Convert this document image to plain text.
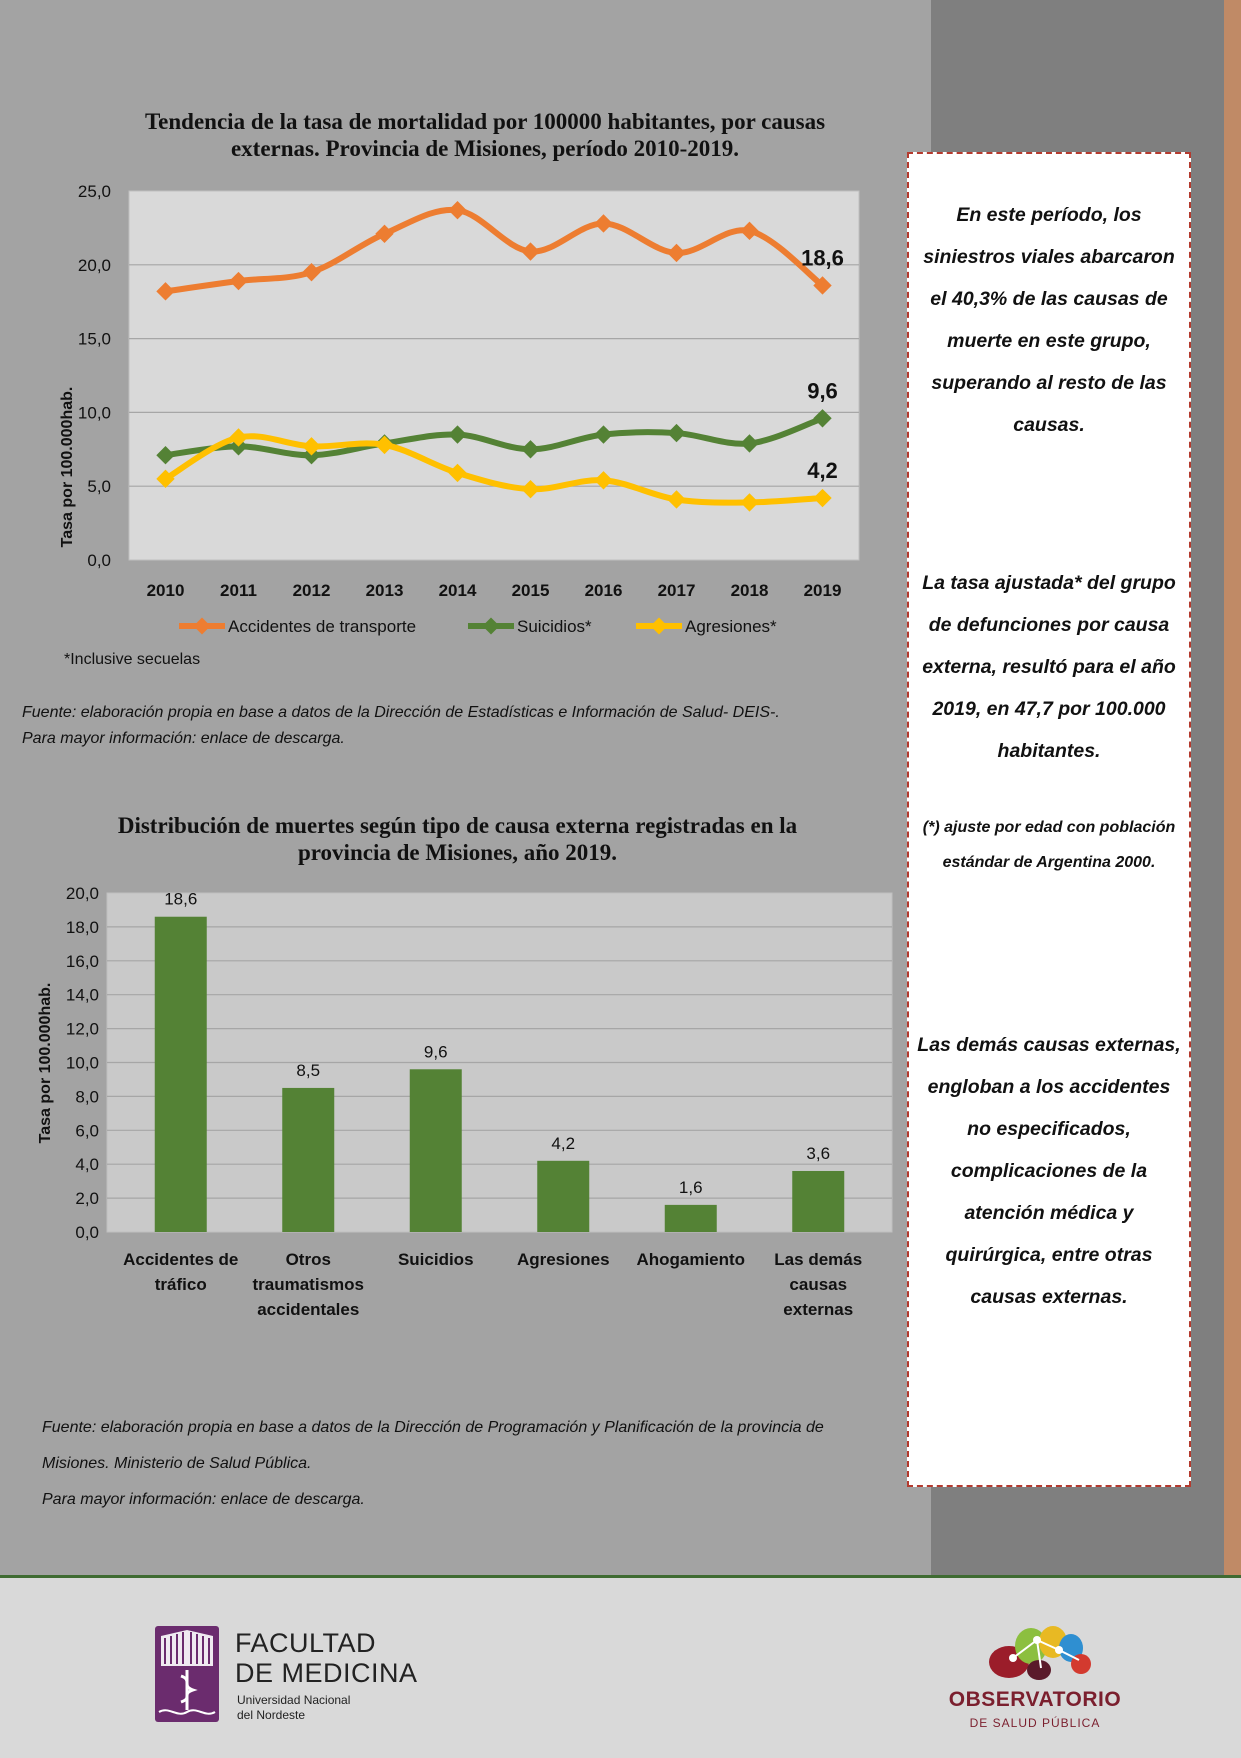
Tendencia de la tasa de mortalidad por 100000 habitantes, por causas externas. Provincia de Misiones, período 2010-2019.
0,0
5,0
10,0
15,0
20,0
25,0
2010 2011 2012 2013 2014 2015 2016 2017 2018 2019
18,6
9,6
4,2
Tasa por 100.000hab.
Accidentes de transporte	Suicidios*	Agresiones*
*Inclusive secuelas
Fuente: elaboración propia en base a datos de la Dirección de Estadísticas e Información de Salud- DEIS-.
Para mayor información: enlace de descarga.
Distribución de muertes según tipo de causa externa registradas en la provincia de Misiones, año 2019.
0,0
2,0
4,0
6,0
8,0
10,0
12,0
14,0
16,0
18,0
20,0	18,6
8,5
9,6
4,2
1,6
3,6
Accidentes de
tráfico
Otros
traumatismos
accidentales
Suicidios	Agresiones Ahogamiento Las demás
causas
externas
Tasa por 100.000hab.
Fuente: elaboración propia en base a datos de la Dirección de Programación y Planificación de la provincia de
Misiones. Ministerio de Salud Pública.
Para mayor información: enlace de descarga.
En este período, los siniestros viales abarcaron el 40,3% de las causas de muerte en este grupo, superando al resto de las causas.
La tasa ajustada* del grupo de defunciones por causa externa, resultó para el año 2019, en 47,7 por 100.000 habitantes.
(*) ajuste por edad con población estándar de Argentina 2000.
Las demás causas externas, engloban a los accidentes no especificados, complicaciones de la atención médica y quirúrgica, entre otras causas externas.
FACULTAD
DE MEDICINA
Universidad Nacional
del Nordeste
OBSERVATORIO
DE SALUD PÚBLICA
